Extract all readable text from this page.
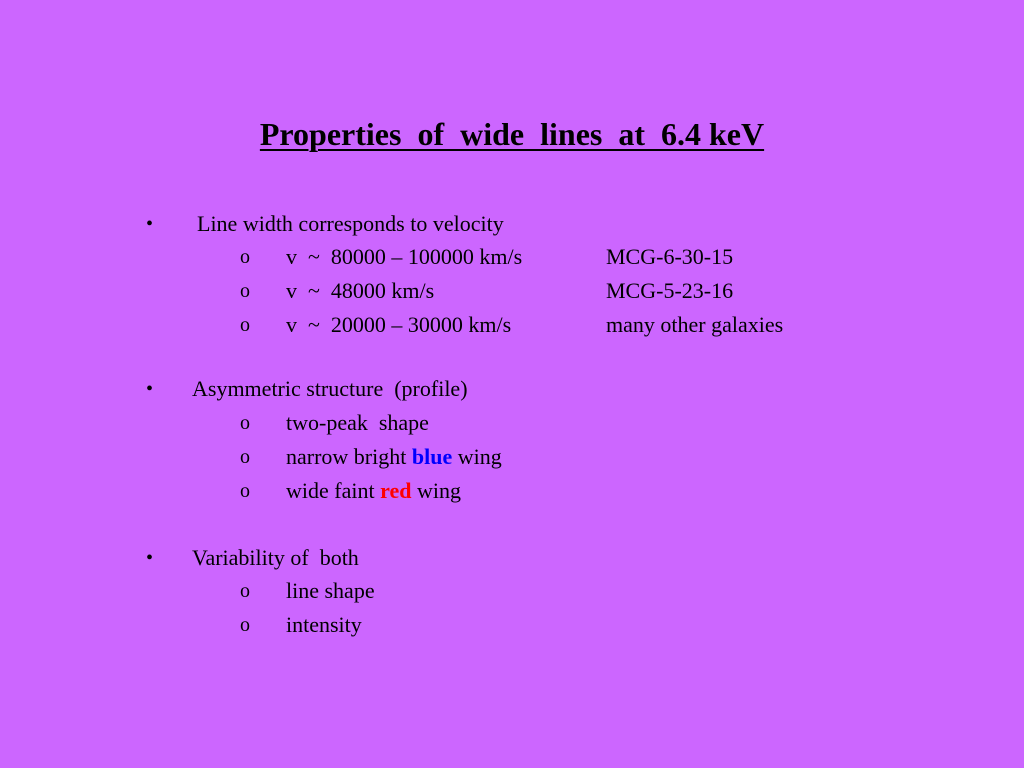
Properties  of  wide  lines  at  6.4 keV
• Line width corresponds to velocity
o v  ~  80000 – 100000 km/s	MCG-6-30-15
o v  ~  48000 km/s	MCG-5-23-16
o v  ~  20000 – 30000 km/s	many other galaxies
• Asymmetric structure  (profile)
o two-peak  shape
o narrow bright blue wing
o wide faint red wing
• Variability of  both
o line shape
o intensity
